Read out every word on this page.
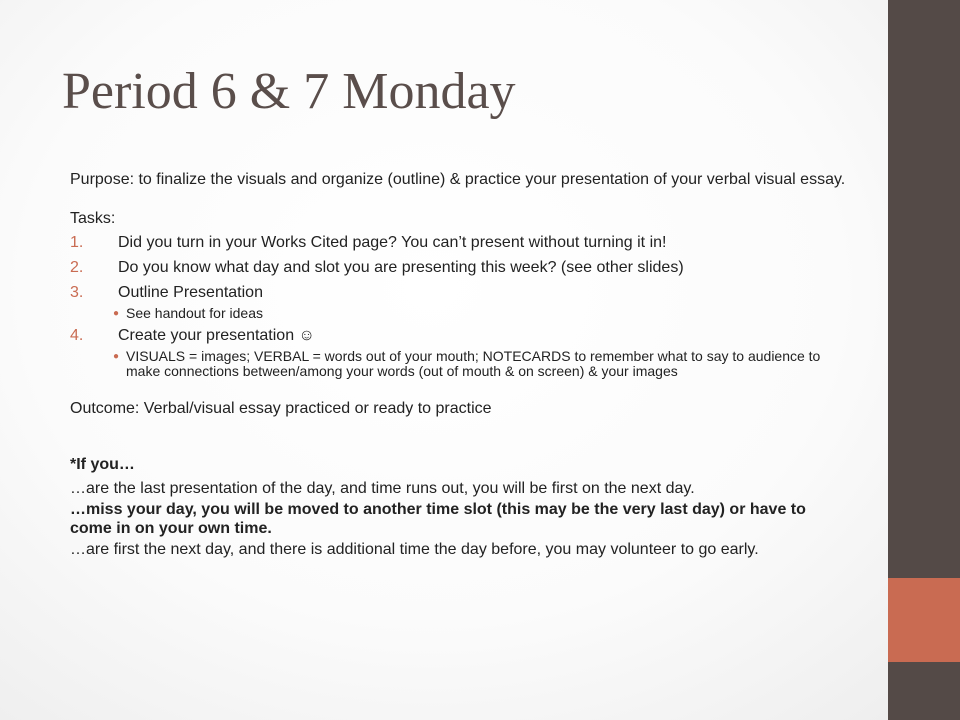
Period 6 & 7 Monday

Purpose: to finalize the visuals and organize (outline) & practice your presentation of your verbal visual essay.

Tasks:

1. Did you turn in your Works Cited page? You can’t present without turning it in!
2. Do you know what day and slot you are presenting this week? (see other slides)
3. Outline Presentation
● See handout for ideas
4. Create your presentation ☺
● VISUALS = images; VERBAL = words out of your mouth; NOTECARDS to remember what to say to audience to make connections between/among your words (out of mouth & on screen) & your images

Outcome: Verbal/visual essay practiced or ready to practice

*If you…

…are the last presentation of the day, and time runs out, you will be first on the next day.

…miss your day, you will be moved to another time slot (this may be the very last day) or have to come in on your own time.

…are first the next day, and there is additional time the day before, you may volunteer to go early.
